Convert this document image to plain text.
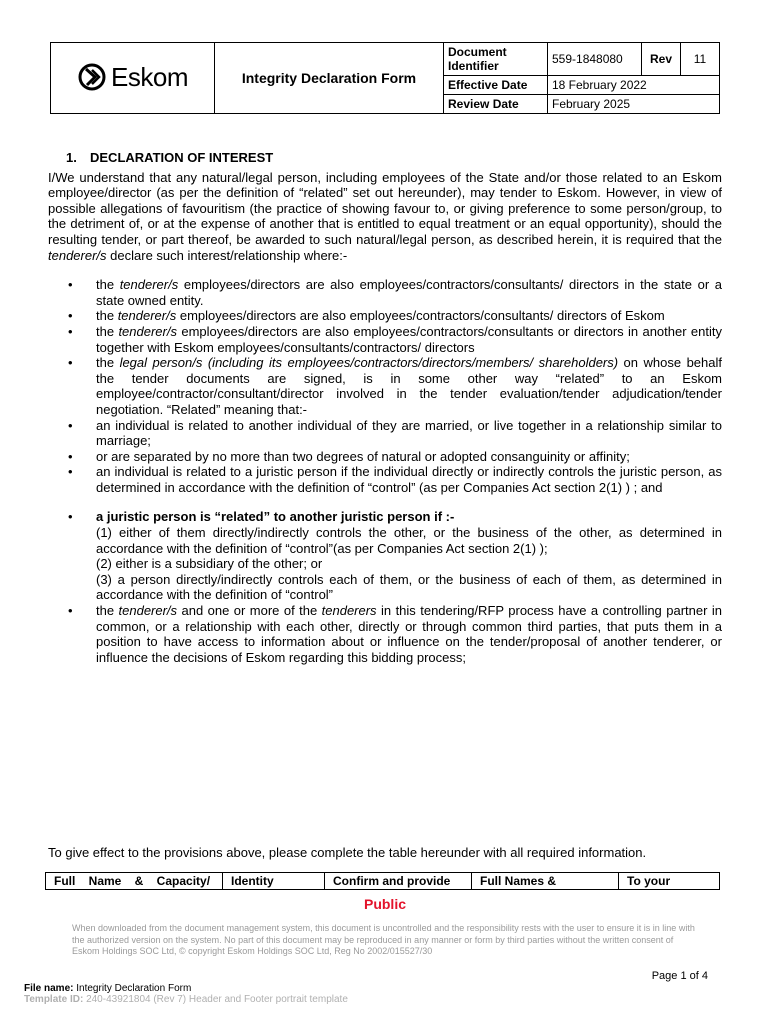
Eskom	Integrity Declaration Form	Document Identifier	559-1848080	Rev	11

		Effective Date	18 February 2022		
		Review Date	February 2025		

1. DECLARATION OF INTEREST

I/We understand that any natural/legal person, including employees of the State and/or those related to an Eskom employee/director (as per the definition of “related” set out hereunder), may tender to Eskom. However, in view of possible allegations of favouritism (the practice of showing favour to, or giving preference to some person/group, to the detriment of, or at the expense of another that is entitled to equal treatment or an equal opportunity), should the resulting tender, or part thereof, be awarded to such natural/legal person, as described herein, it is required that the tenderer/s declare such interest/relationship where:-

• the tenderer/s employees/directors are also employees/contractors/consultants/ directors in the state or a state owned entity.
• the tenderer/s employees/directors are also employees/contractors/consultants/ directors of Eskom
• the tenderer/s employees/directors are also employees/contractors/consultants or directors in another entity together with Eskom employees/consultants/contractors/ directors
• the legal person/s (including its employees/contractors/directors/members/ shareholders) on whose behalf the tender documents are signed, is in some other way “related” to an Eskom employee/contractor/consultant/director involved in the tender evaluation/tender adjudication/tender negotiation. “Related” meaning that:-
• an individual is related to another individual of they are married, or live together in a relationship similar to marriage;
• or are separated by no more than two degrees of natural or adopted consanguinity or affinity;
• an individual is related to a juristic person if the individual directly or indirectly controls the juristic person, as determined in accordance with the definition of “control” (as per Companies Act section 2(1) ) ; and
• a juristic person is “related” to another juristic person if :-
(1) either of them directly/indirectly controls the other, or the business of the other, as determined in accordance with the definition of “control”(as per Companies Act section 2(1) );
(2) either is a subsidiary of the other; or
(3) a person directly/indirectly controls each of them, or the business of each of them, as determined in accordance with the definition of “control”
• the tenderer/s and one or more of the tenderers in this tendering/RFP process have a controlling partner in common, or a relationship with each other, directly or through common third parties, that puts them in a position to have access to information about or influence on the tender/proposal of another tenderer, or influence the decisions of Eskom regarding this bidding process;
To give effect to the provisions above, please complete the table hereunder with all required information.
Full    Name    &    Capacity/	Identity	Confirm and provide	Full Names &	To your
Public
When downloaded from the document management system, this document is uncontrolled and the responsibility rests with the user to ensure it is in line with the authorized version on the system. No part of this document may be reproduced in any manner or form by third parties without the written consent of Eskom Holdings SOC Ltd, © copyright Eskom Holdings SOC Ltd, Reg No 2002/015527/30
Page 1 of 4
File name: Integrity Declaration Form
Template ID: 240-43921804 (Rev 7) Header and Footer portrait template
